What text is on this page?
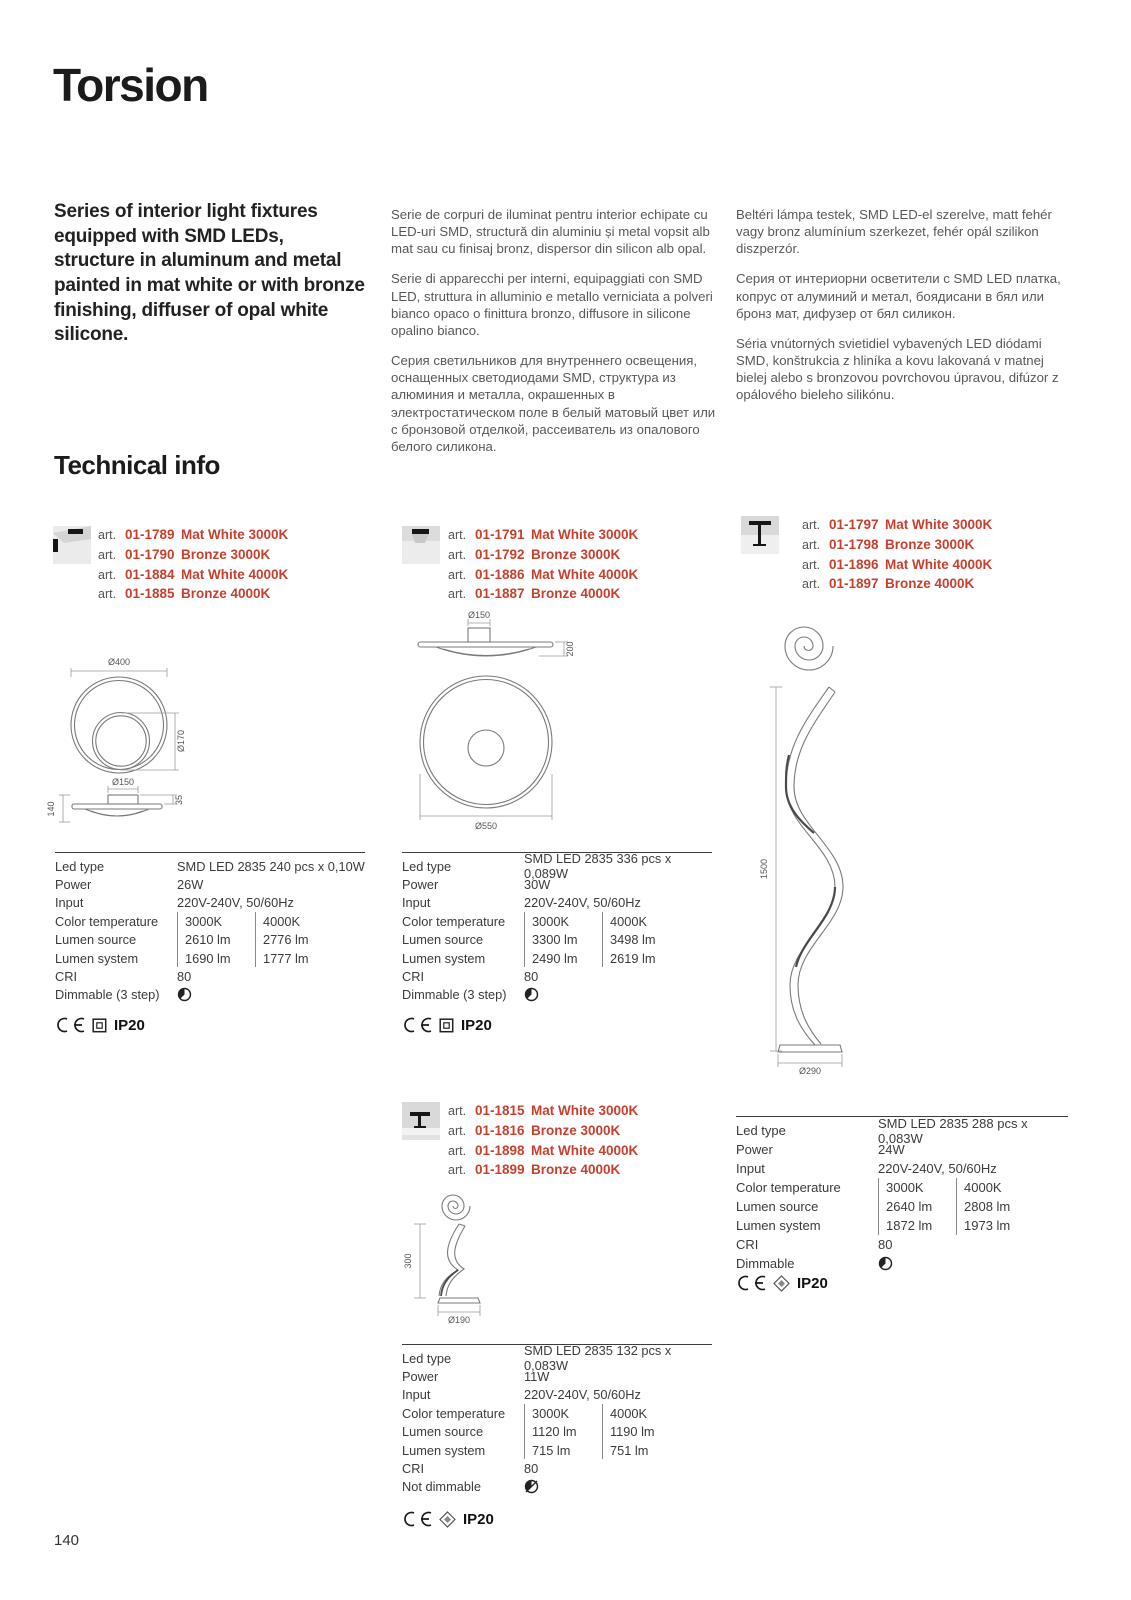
Torsion
Series of interior light fixtures equipped with SMD LEDs, structure in aluminum and metal painted in mat white or with bronze finishing, diffuser of opal white silicone.

Serie de corpuri de iluminat pentru interior echipate cu LED-uri SMD, structură din aluminiu și metal vopsit alb mat sau cu finisaj bronz, dispersor din silicon alb opal.

Serie di apparecchi per interni, equipaggiati con SMD LED, struttura in alluminio e metallo verniciata a polveri bianco opaco o finittura bronzo, diffusore in silicone opalino bianco.

Серия светильников для внутреннего освещения, оснащенных светодиодами SMD, структура из алюминия и металла, окрашенных в электростатическом поле в белый матовый цвет или с бронзовой отделкой, рассеиватель из опалового белого силикона.

Beltéri lámpa testek, SMD LED-el szerelve, matt fehér vagy bronz alumíníum szerkezet, fehér opál szilikon diszperzór.

Серия от интериорни осветители с SMD LED платка, копрус от алуминий и метал, боядисани в бял или бронз мат, дифузер от бял силикон.

Séria vnútorných svietidiel vybavených LED diódami SMD, konštrukcia z hliníka a kovu lakovaná v matnej bielej alebo s bronzovou povrchovou úpravou, difúzor z opálového bieleho silikónu.

Technical info
art. 01-1789 Mat White 3000K
art. 01-1790 Bronze 3000K
art. 01-1884 Mat White 4000K
art. 01-1885 Bronze 4000K
Ø400
Ø170
Ø150
35
140
Led type	SMD LED 2835 240 pcs x 0,10W
Power	26W
Input	220V-240V, 50/60Hz
Color temperature	3000K	4000K
Lumen source	2610 lm	2776 lm
Lumen system	1690 lm	1777 lm
CRI	80
Dimmable (3 step)
IP20
art. 01-1791 Mat White 3000K
art. 01-1792 Bronze 3000K
art. 01-1886 Mat White 4000K
art. 01-1887 Bronze 4000K
Ø150
200
Ø550
Led type	SMD LED 2835 336 pcs x 0,089W
Power	30W
Input	220V-240V, 50/60Hz
Color temperature	3000K	4000K
Lumen source	3300 lm	3498 lm
Lumen system	2490 lm	2619 lm
CRI	80
Dimmable (3 step)
IP20
art. 01-1797 Mat White 3000K
art. 01-1798 Bronze 3000K
art. 01-1896 Mat White 4000K
art. 01-1897 Bronze 4000K
1500
Ø290
Led type	SMD LED 2835 288 pcs x 0,083W
Power	24W
Input	220V-240V, 50/60Hz
Color temperature	3000K	4000K
Lumen source	2640 lm	2808 lm
Lumen system	1872 lm	1973 lm
CRI	80
Dimmable
IP20
art. 01-1815 Mat White 3000K
art. 01-1816 Bronze 3000K
art. 01-1898 Mat White 4000K
art. 01-1899 Bronze 4000K
300
Ø190
Led type	SMD LED 2835 132 pcs x 0,083W
Power	11W
Input	220V-240V, 50/60Hz
Color temperature	3000K	4000K
Lumen source	1120 lm	1190 lm
Lumen system	715 lm	751 lm
CRI	80
Not dimmable
IP20
140
